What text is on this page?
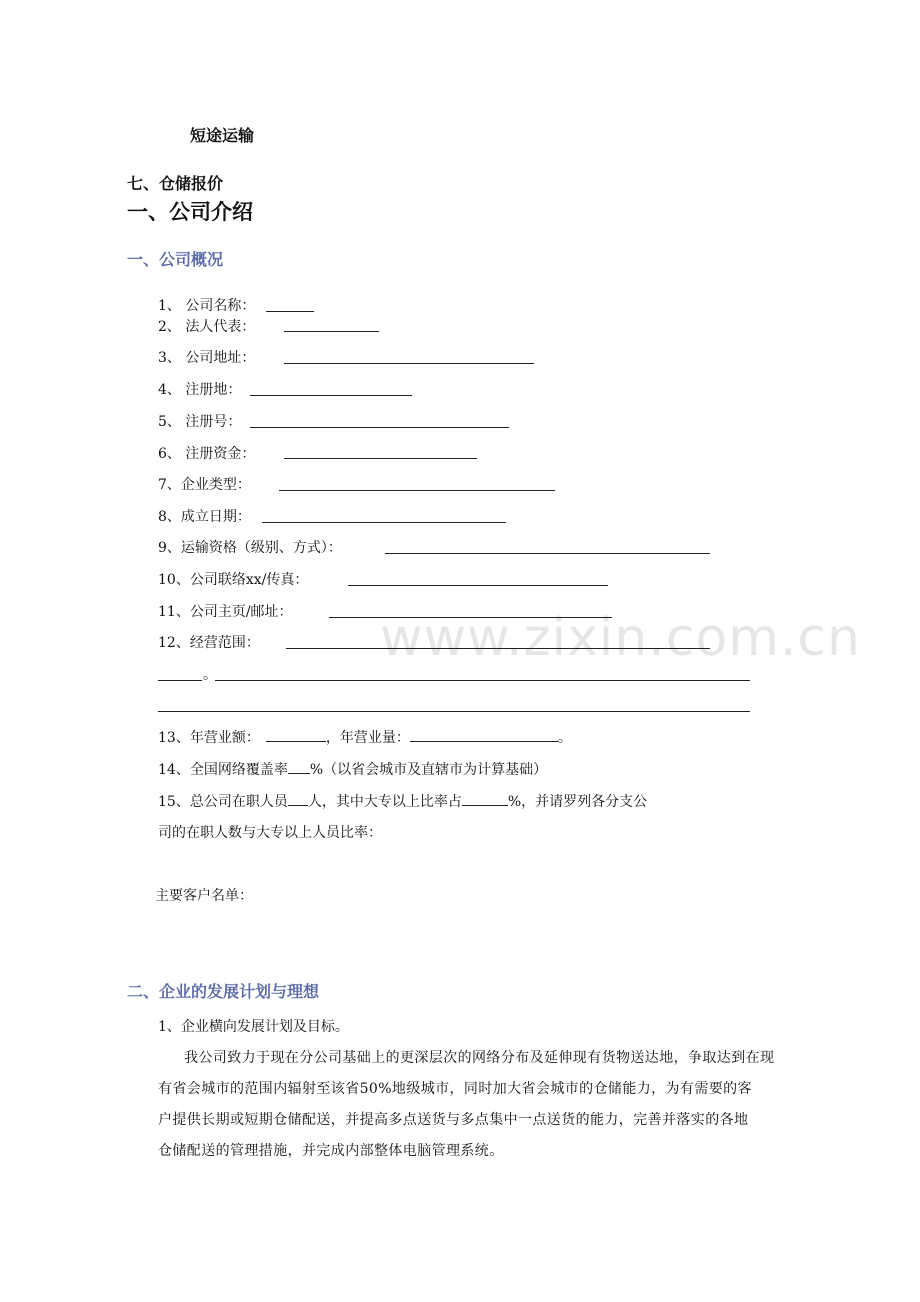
www.zixin.com.cn
短途运输
七、仓储报价
一、公司介绍
一、公司概况
1、 公司名称：
2、 法人代表：
3、 公司地址：
4、 注册地：
5、 注册号：
6、 注册资金：
7、企业类型：
8、成立日期：
9、运输资格（级别、方式）：
10、公司联络xx/传真：
11、公司主页/邮址：
12、经营范围：
。
13、年营业额：	，年营业量：	。
14、全国网络覆盖率 %（以省会城市及直辖市为计算基础）
15、总公司在职人员 人，其中大专以上比率占	%，并请罗列各分支公
司的在职人数与大专以上人员比率：
主要客户名单：
二、企业的发展计划与理想
1、企业横向发展计划及目标。
我公司致力于现在分公司基础上的更深层次的网络分布及延伸现有货物送达地，争取达到在现
有省会城市的范围内辐射至该省50%地级城市，同时加大省会城市的仓储能力，为有需要的客
户提供长期或短期仓储配送，并提高多点送货与多点集中一点送货的能力，完善并落实的各地
仓储配送的管理措施，并完成内部整体电脑管理系统。
